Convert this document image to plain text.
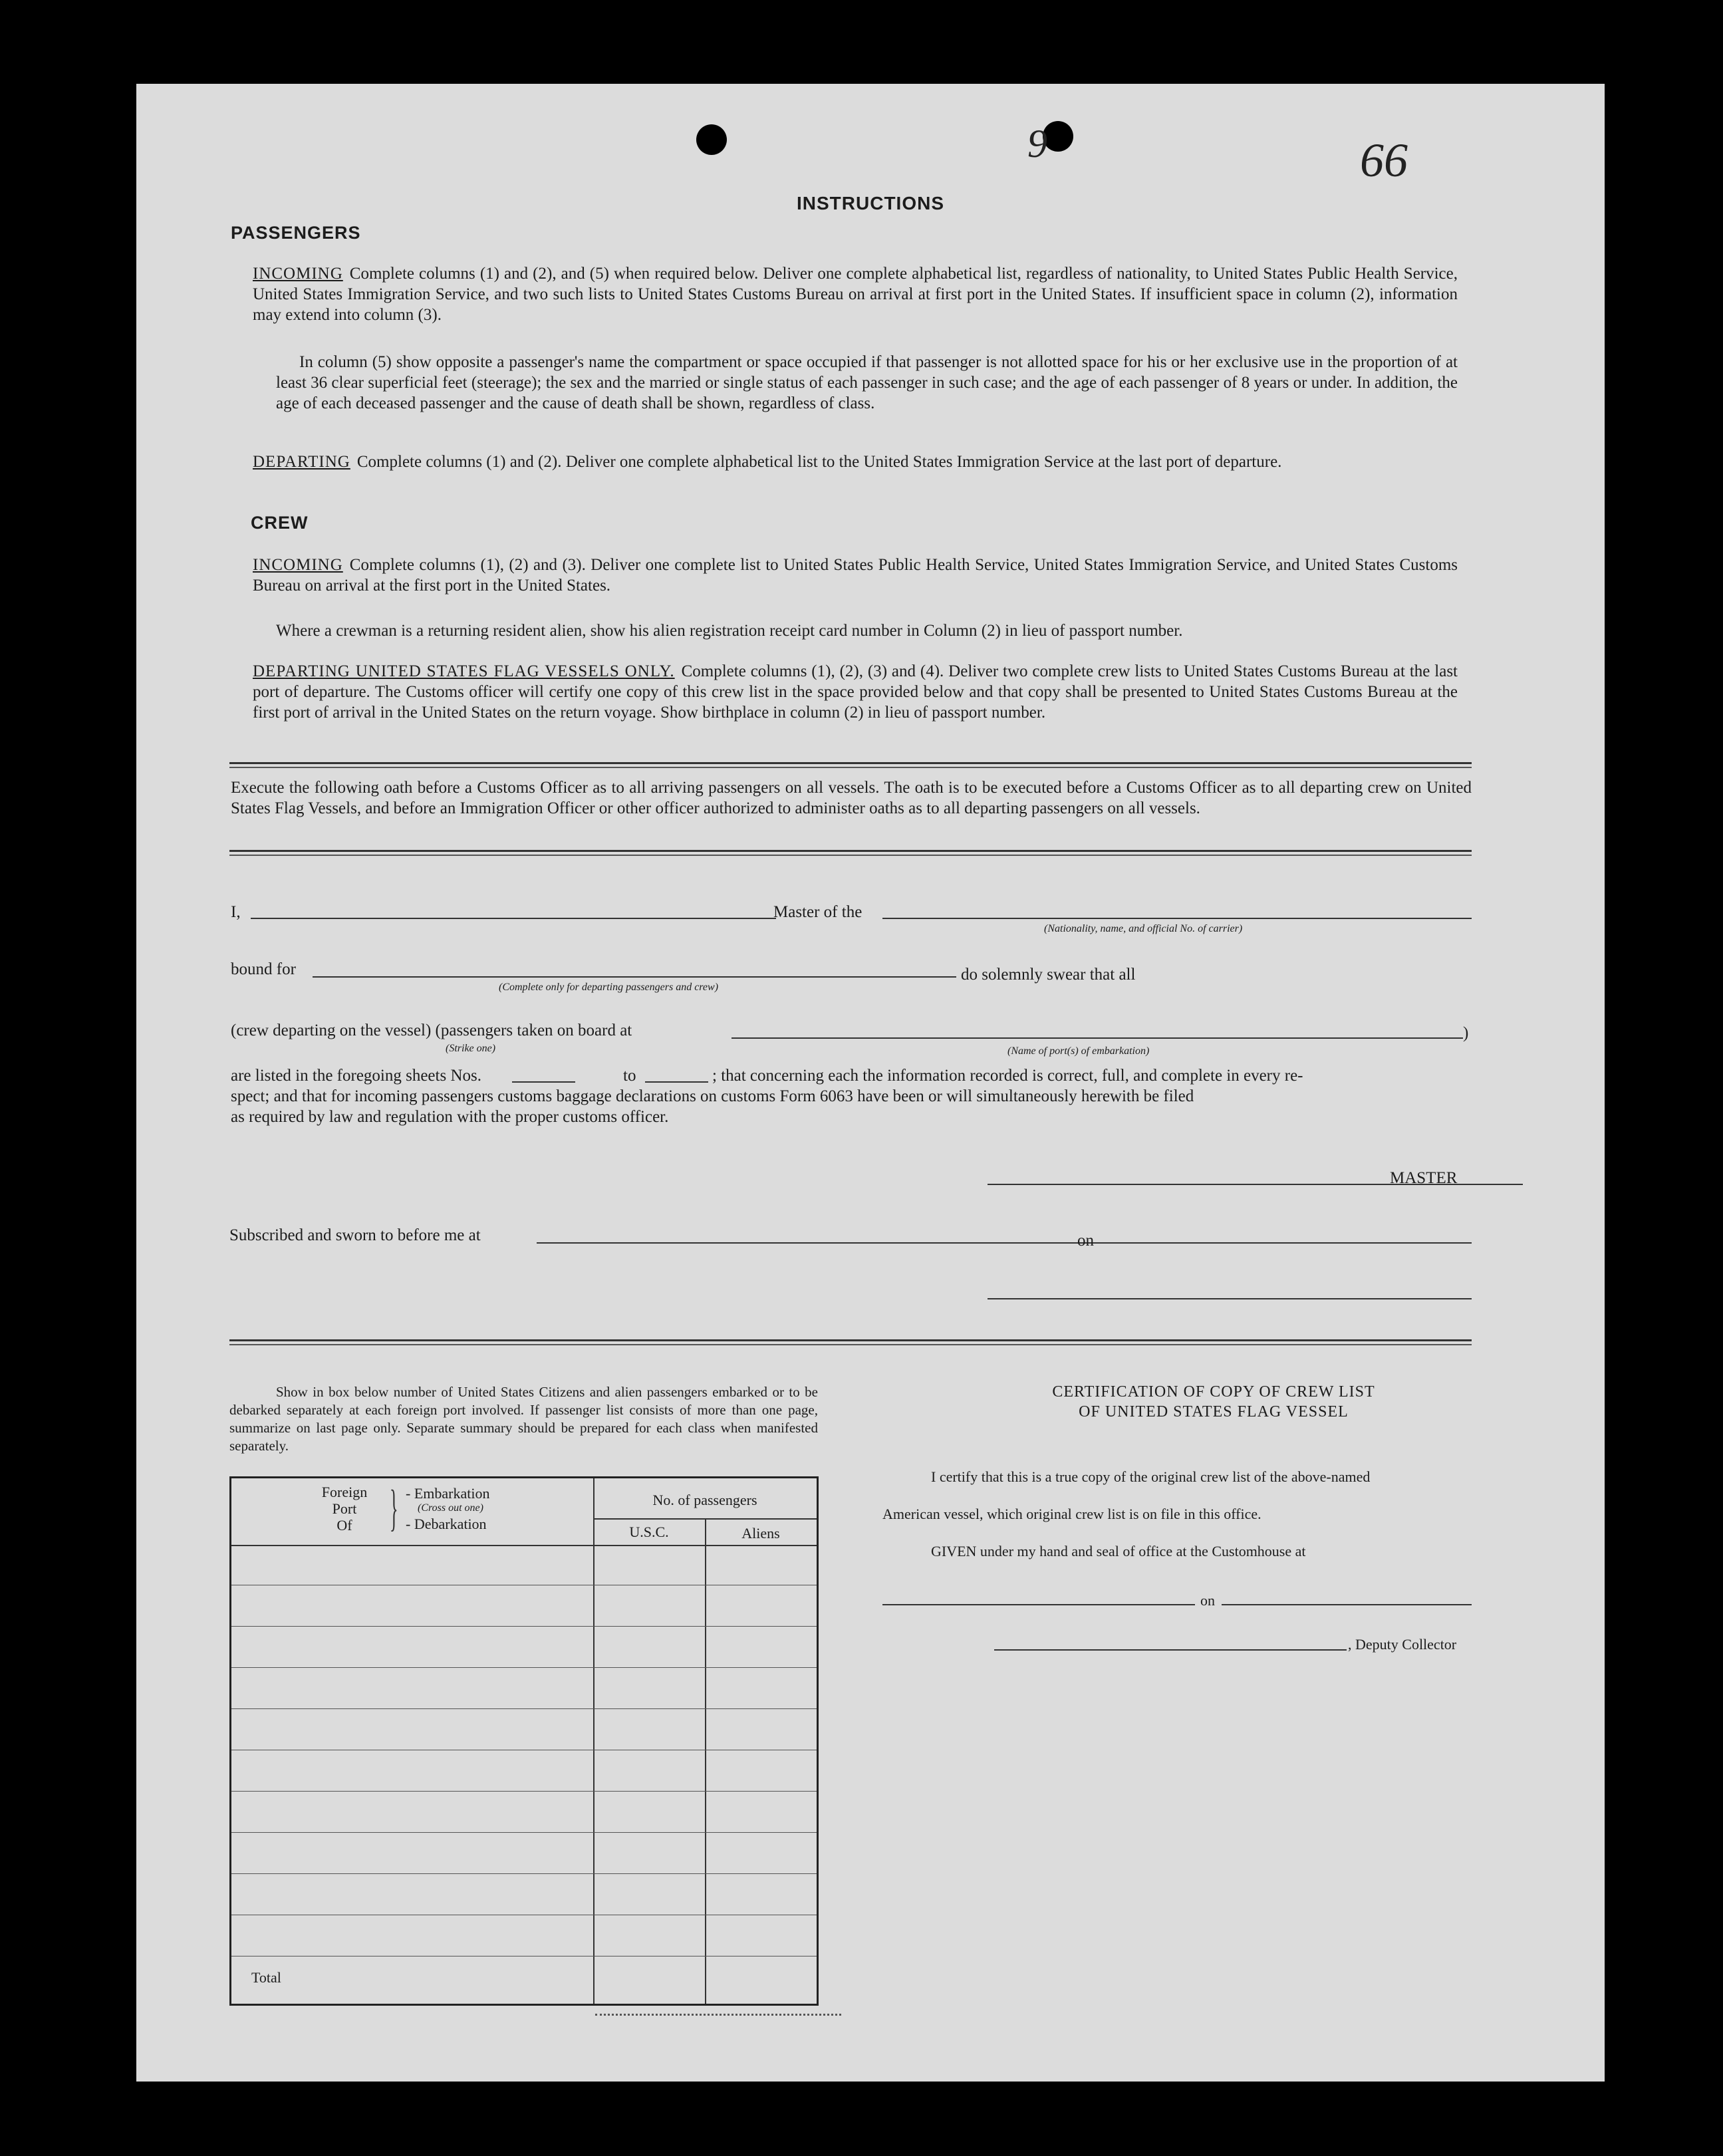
9	66
INSTRUCTIONS
PASSENGERS
INCOMING Complete columns (1) and (2), and (5) when required below. Deliver one complete alphabetical list, regardless of nationality, to United States Public Health Service, United States Immigration Service, and two such lists to United States Customs Bureau on arrival at first port in the United States. If insufficient space in column (2), information may extend into column (3).
In column (5) show opposite a passenger's name the compartment or space occupied if that passenger is not allotted space for his or her exclusive use in the proportion of at least 36 clear superficial feet (steerage); the sex and the married or single status of each passenger in such case; and the age of each passenger of 8 years or under. In addition, the age of each deceased passenger and the cause of death shall be shown, regardless of class.
DEPARTING Complete columns (1) and (2). Deliver one complete alphabetical list to the United States Immigration Service at the last port of departure.
CREW
INCOMING Complete columns (1), (2) and (3). Deliver one complete list to United States Public Health Service, United States Immigration Service, and United States Customs Bureau on arrival at the first port in the United States.
Where a crewman is a returning resident alien, show his alien registration receipt card number in Column (2) in lieu of passport number.
DEPARTING UNITED STATES FLAG VESSELS ONLY. Complete columns (1), (2), (3) and (4). Deliver two complete crew lists to United States Customs Bureau at the last port of departure. The Customs officer will certify one copy of this crew list in the space provided below and that copy shall be presented to United States Customs Bureau at the first port of arrival in the United States on the return voyage. Show birthplace in column (2) in lieu of passport number.
Execute the following oath before a Customs Officer as to all arriving passengers on all vessels. The oath is to be executed before a Customs Officer as to all departing crew on United States Flag Vessels, and before an Immigration Officer or other officer authorized to administer oaths as to all departing passengers on all vessels.
I,	Master of the
(Nationality, name, and official No. of carrier)
bound for
(Complete only for departing passengers and crew)
do solemnly swear that all
(crew departing on the vessel) (passengers taken on board at	)
(Strike one)	(Name of port(s) of embarkation)
are listed in the foregoing sheets Nos.	to	; that concerning each the information recorded is correct, full, and complete in every re-
spect; and that for incoming passengers customs baggage declarations on customs Form 6063 have been or will simultaneously herewith be filed
as required by law and regulation with the proper customs officer.
MASTER
Subscribed and sworn to before me at	on
Show in box below number of United States Citizens and alien passengers embarked or to be debarked separately at each foreign port involved. If passenger list consists of more than one page, summarize on last page only. Separate summary should be prepared for each class when manifested separately.
Foreign
Port
Of } - Embarkation
(Cross out one)
- Debarkation
No. of passengers
U.S.C.	Aliens
Total
CERTIFICATION OF COPY OF CREW LIST
OF UNITED STATES FLAG VESSEL
I certify that this is a true copy of the original crew list of the above-named
American vessel, which original crew list is on file in this office.
GIVEN under my hand and seal of office at the Customhouse at
on
, Deputy Collector
